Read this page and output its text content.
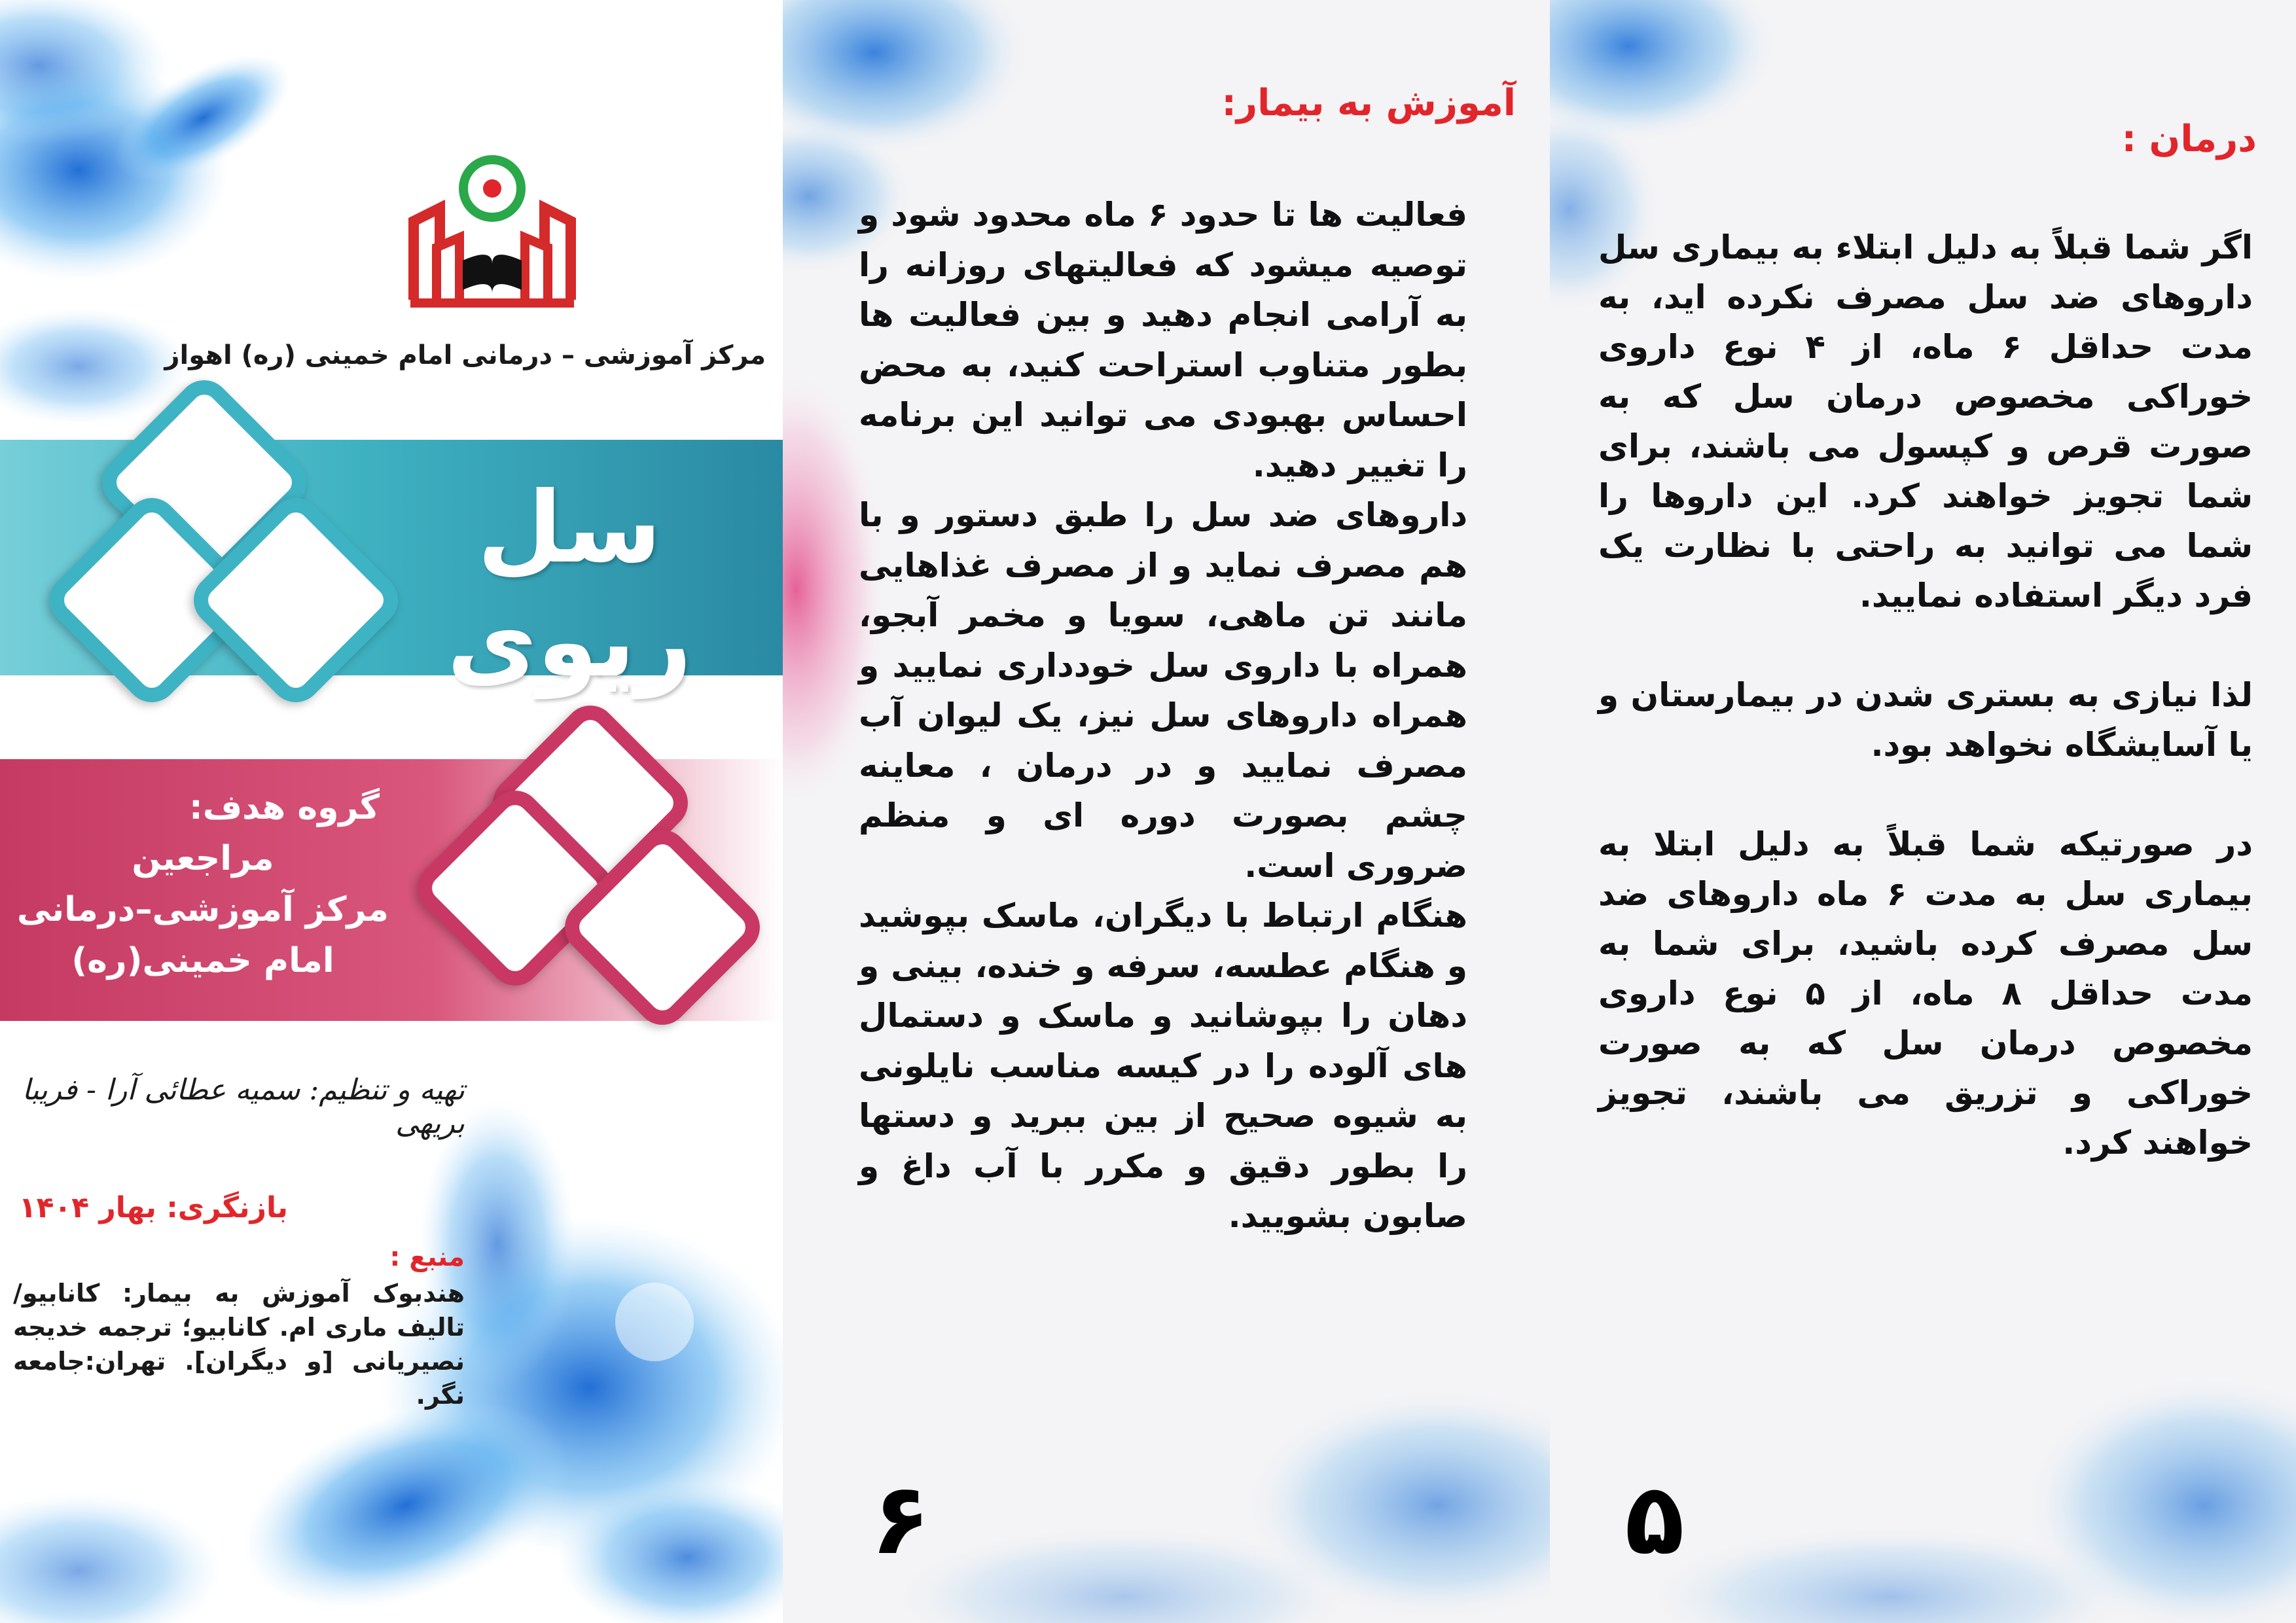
مرکز آموزشی – درمانی امام خمینی (ره) اهواز
سل ریوی
گروه هدف:
مراجعین
مرکز آموزشی–درمانی
امام خمینی(ره)
تهیه و تنظیم: سمیه عطائی آرا - فریبا بریهی
بازنگری: بهار ۱۴۰۴
منبع :
هندبوک آموزش به بیمار: کانابیو/ تالیف ماری ام. کانابیو؛ ترجمه خدیجه نصیریانی [و دیگران]. تهران:جامعه نگر.
آموزش به بیمار:

فعالیت ها تا حدود ۶ ماه محدود شود و توصیه میشود که فعالیتهای روزانه را به آرامی انجام دهید و بین فعالیت ها بطور متناوب استراحت کنید، به محض احساس بهبودی می توانید این برنامه را تغییر دهید.

داروهای ضد سل را طبق دستور و با هم مصرف نماید و از مصرف غذاهایی مانند تن ماهی، سویا و مخمر آبجو، همراه با داروی سل خودداری نمایید و همراه داروهای سل نیز، یک لیوان آب مصرف نمایید و در درمان ، معاینه چشم بصورت دوره ای و منظم ضروری است.

هنگام ارتباط با دیگران، ماسک بپوشید و هنگام عطسه، سرفه و خنده، بینی و دهان را بپوشانید و ماسک و دستمال های آلوده را در کیسه مناسب نایلونی به شیوه صحیح از بین ببرید و دستها را بطور دقیق و مکرر با آب داغ و صابون بشویید.

۶
درمان :

اگر شما قبلاً به دلیل ابتلاء به بیماری سل داروهای ضد سل مصرف نکرده اید، به مدت حداقل ۶ ماه، از ۴ نوع داروی خوراکی مخصوص درمان سل که به صورت قرص و کپسول می باشند، برای شما تجویز خواهند کرد. این داروها را شما می توانید به راحتی با نظارت یک فرد دیگر استفاده نمایید.

لذا نیازی به بستری شدن در بیمارستان و یا آسایشگاه نخواهد بود.

در صورتیکه شما قبلاً به دلیل ابتلا به بیماری سل به مدت ۶ ماه داروهای ضد سل مصرف کرده باشید، برای شما به مدت حداقل ۸ ماه، از ۵ نوع داروی مخصوص درمان سل که به صورت خوراکی و تزریق می باشند، تجویز خواهند کرد.

۵
